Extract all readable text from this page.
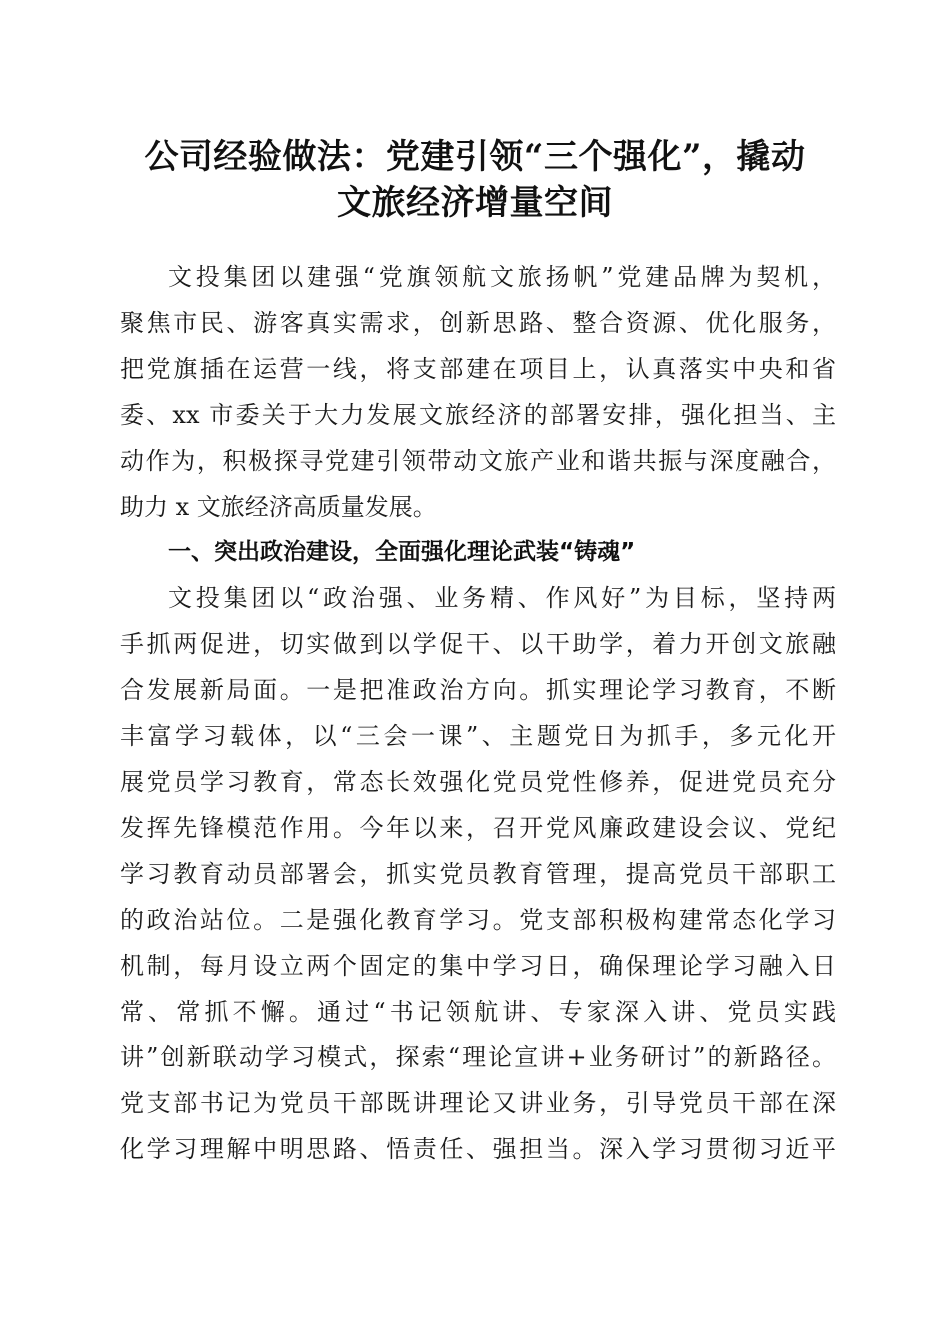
公司经验做法：党建引领“三个强化”，撬动
文旅经济增量空间
文投集团以建强“党旗领航文旅扬帆”党建品牌为契机，
聚焦市民、游客真实需求，创新思路、整合资源、优化服务，
把党旗插在运营一线，将支部建在项目上，认真落实中央和省
委、xx 市委关于大力发展文旅经济的部署安排，强化担当、主
动作为，积极探寻党建引领带动文旅产业和谐共振与深度融合，
助力 x 文旅经济高质量发展。
一、突出政治建设，全面强化理论武装“铸魂”
文投集团以“政治强、业务精、作风好”为目标，坚持两
手抓两促进，切实做到以学促干、以干助学，着力开创文旅融
合发展新局面。一是把准政治方向。抓实理论学习教育，不断
丰富学习载体，以“三会一课”、主题党日为抓手，多元化开
展党员学习教育，常态长效强化党员党性修养，促进党员充分
发挥先锋模范作用。今年以来，召开党风廉政建设会议、党纪
学习教育动员部署会，抓实党员教育管理，提高党员干部职工
的政治站位。二是强化教育学习。党支部积极构建常态化学习
机制，每月设立两个固定的集中学习日，确保理论学习融入日
常、常抓不懈。通过“书记领航讲、专家深入讲、党员实践
讲”创新联动学习模式，探索“理论宣讲+业务研讨”的新路径。
党支部书记为党员干部既讲理论又讲业务，引导党员干部在深
化学习理解中明思路、悟责任、强担当。深入学习贯彻习近平
